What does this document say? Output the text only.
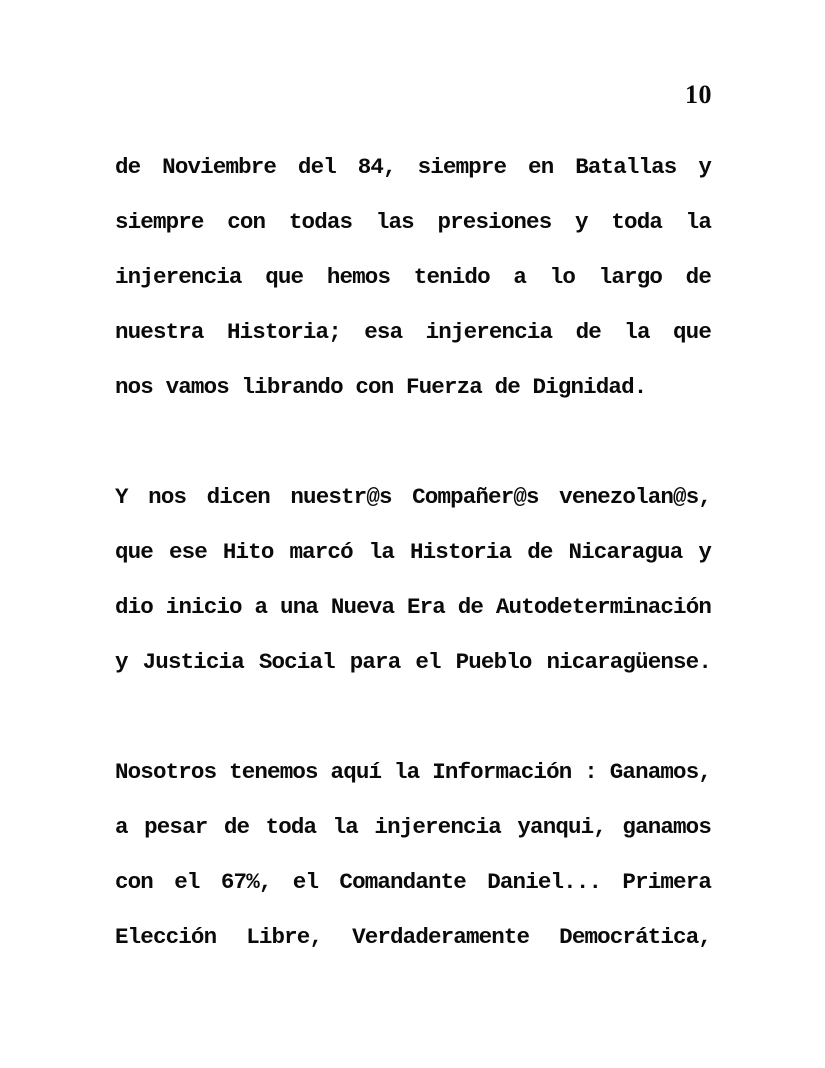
10
de Noviembre del 84, siempre en Batallas y
siempre con todas las presiones y toda la
injerencia que hemos tenido a lo largo de
nuestra Historia; esa injerencia de la que
nos vamos librando con Fuerza de Dignidad.
Y nos dicen nuestr@s Compañer@s venezolan@s,
que ese Hito marcó la Historia de Nicaragua y
dio inicio a una Nueva Era de Autodeterminación
y Justicia Social para el Pueblo nicaragüense.
Nosotros tenemos aquí la Información : Ganamos,
a pesar de toda la injerencia yanqui, ganamos
con el 67%, el Comandante Daniel... Primera
Elección Libre, Verdaderamente Democrática,
